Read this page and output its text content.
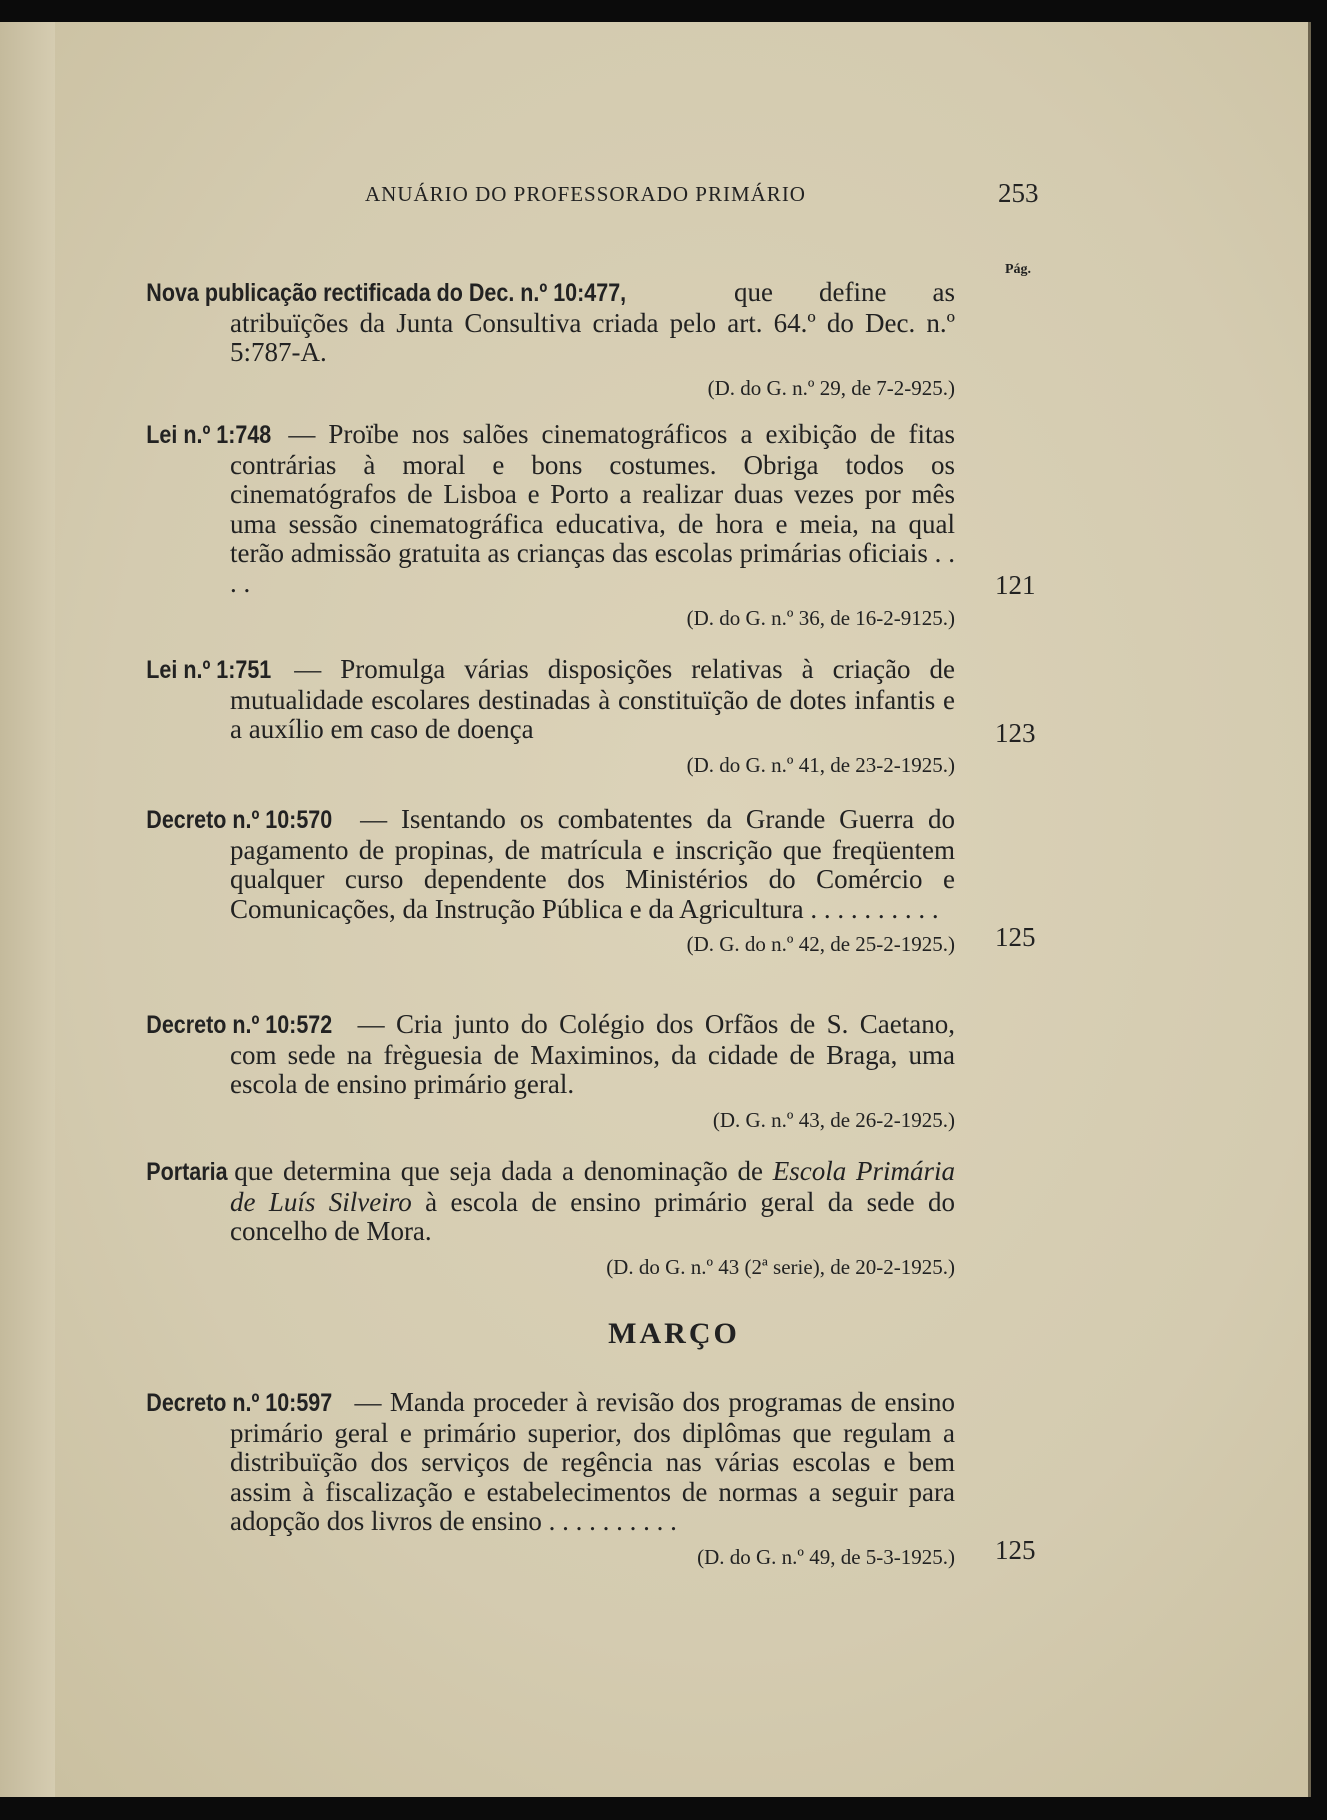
ANUÁRIO DO PROFESSORADO PRIMÁRIO	253
Pág.

Nova publicação rectificada do Dec. n.º 10:477, que define as atribuïções da Junta Consultiva criada pelo art. 64.º do Dec. n.º 5:787-A.

(D. do G. n.º 29, de 7-2-925.)

Lei n.º 1:748 — Proïbe nos salões cinematográficos a exibição de fitas contrárias à moral e bons costumes. Obriga todos os cinematógrafos de Lisboa e Porto a realizar duas vezes por mês uma sessão cinematográfica educativa, de hora e meia, na qual terão admissão gratuita as crianças das escolas primárias oficiais . . . .

(D. do G. n.º 36, de 16-2-9125.)
121

Lei n.º 1:751 — Promulga várias disposições relativas à criação de mutualidade escolares destinadas à constituïção de dotes infantis e a auxílio em caso de doença

(D. do G. n.º 41, de 23-2-1925.)
123

Decreto n.º 10:570 — Isentando os combatentes da Grande Guerra do pagamento de propinas, de matrícula e inscrição que freqüentem qualquer curso dependente dos Ministérios do Comércio e Comunicações, da Instrução Pública e da Agricultura . . . . . . . . . .

(D. G. do n.º 42, de 25-2-1925.) 125

Decreto n.º 10:572 — Cria junto do Colégio dos Orfãos de S. Caetano, com sede na frèguesia de Maximinos, da cidade de Braga, uma escola de ensino primário geral.

(D. G. n.º 43, de 26-2-1925.)

Portaria que determina que seja dada a denominação de Escola Primária de Luís Silveiro à escola de ensino primário geral da sede do concelho de Mora.

(D. do G. n.º 43 (2ª serie), de 20-2-1925.)
MARÇO

Decreto n.º 10:597 — Manda proceder à revisão dos programas de ensino primário geral e primário superior, dos diplômas que regulam a distribuïção dos serviços de regência nas várias escolas e bem assim à fiscalização e estabelecimentos de normas a seguir para adopção dos livros de ensino . . . . . . . . . .

(D. do G. n.º 49, de 5-3-1925.) 125
